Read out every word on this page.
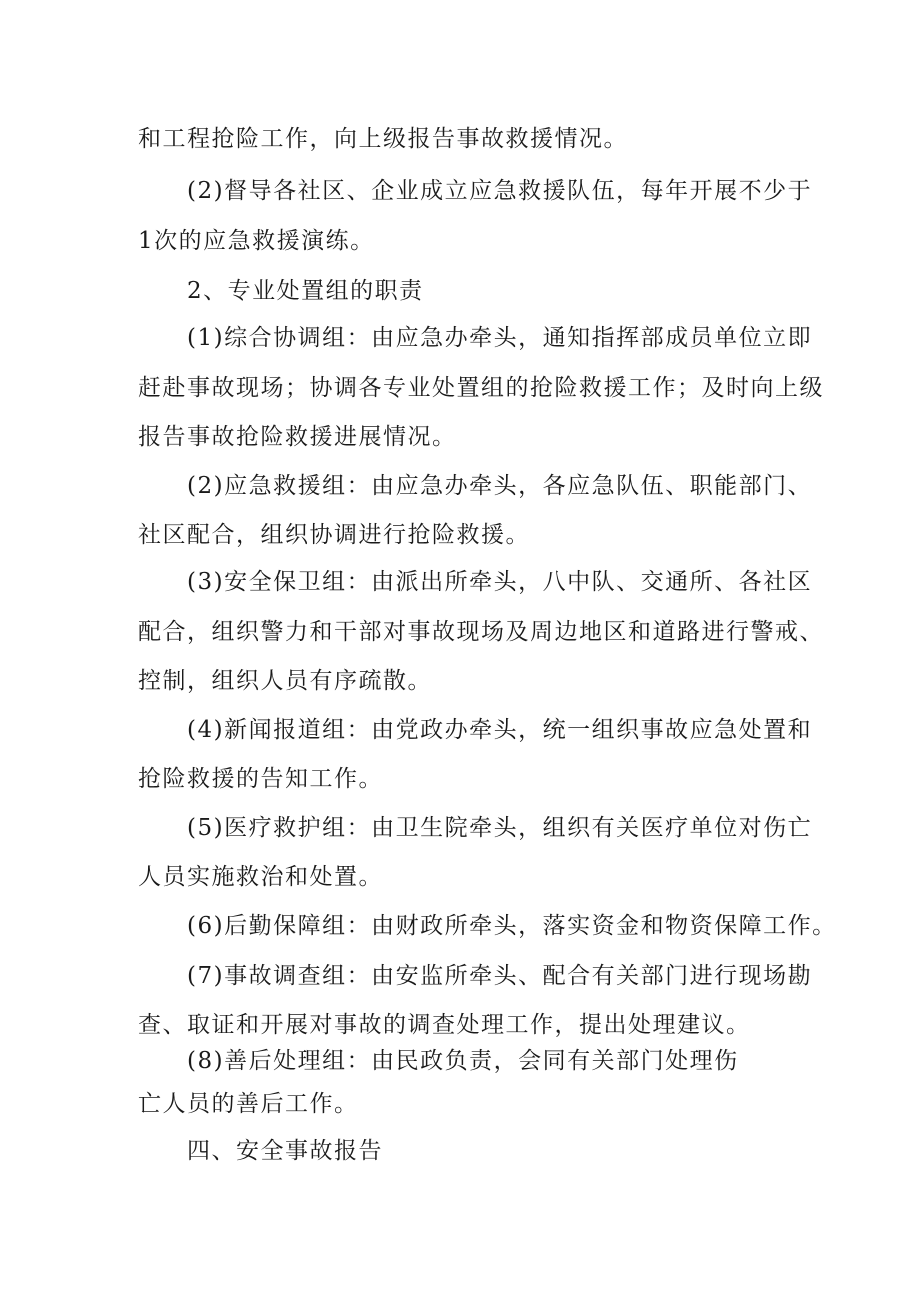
和工程抢险工作，向上级报告事故救援情况。
(2)督导各社区、企业成立应急救援队伍，每年开展不少于
1次的应急救援演练。
2、专业处置组的职责
(1)综合协调组：由应急办牵头，通知指挥部成员单位立即
赶赴事故现场；协调各专业处置组的抢险救援工作；及时向上级
报告事故抢险救援进展情况。
(2)应急救援组：由应急办牵头，各应急队伍、职能部门、
社区配合，组织协调进行抢险救援。
(3)安全保卫组：由派出所牵头，八中队、交通所、各社区
配合，组织警力和干部对事故现场及周边地区和道路进行警戒、
控制，组织人员有序疏散。
(4)新闻报道组：由党政办牵头，统一组织事故应急处置和
抢险救援的告知工作。
(5)医疗救护组：由卫生院牵头，组织有关医疗单位对伤亡
人员实施救治和处置。
(6)后勤保障组：由财政所牵头，落实资金和物资保障工作。
(7)事故调查组：由安监所牵头、配合有关部门进行现场勘
查、取证和开展对事故的调查处理工作，提出处理建议。
(8)善后处理组：由民政负责，会同有关部门处理伤
亡人员的善后工作。
四、安全事故报告
